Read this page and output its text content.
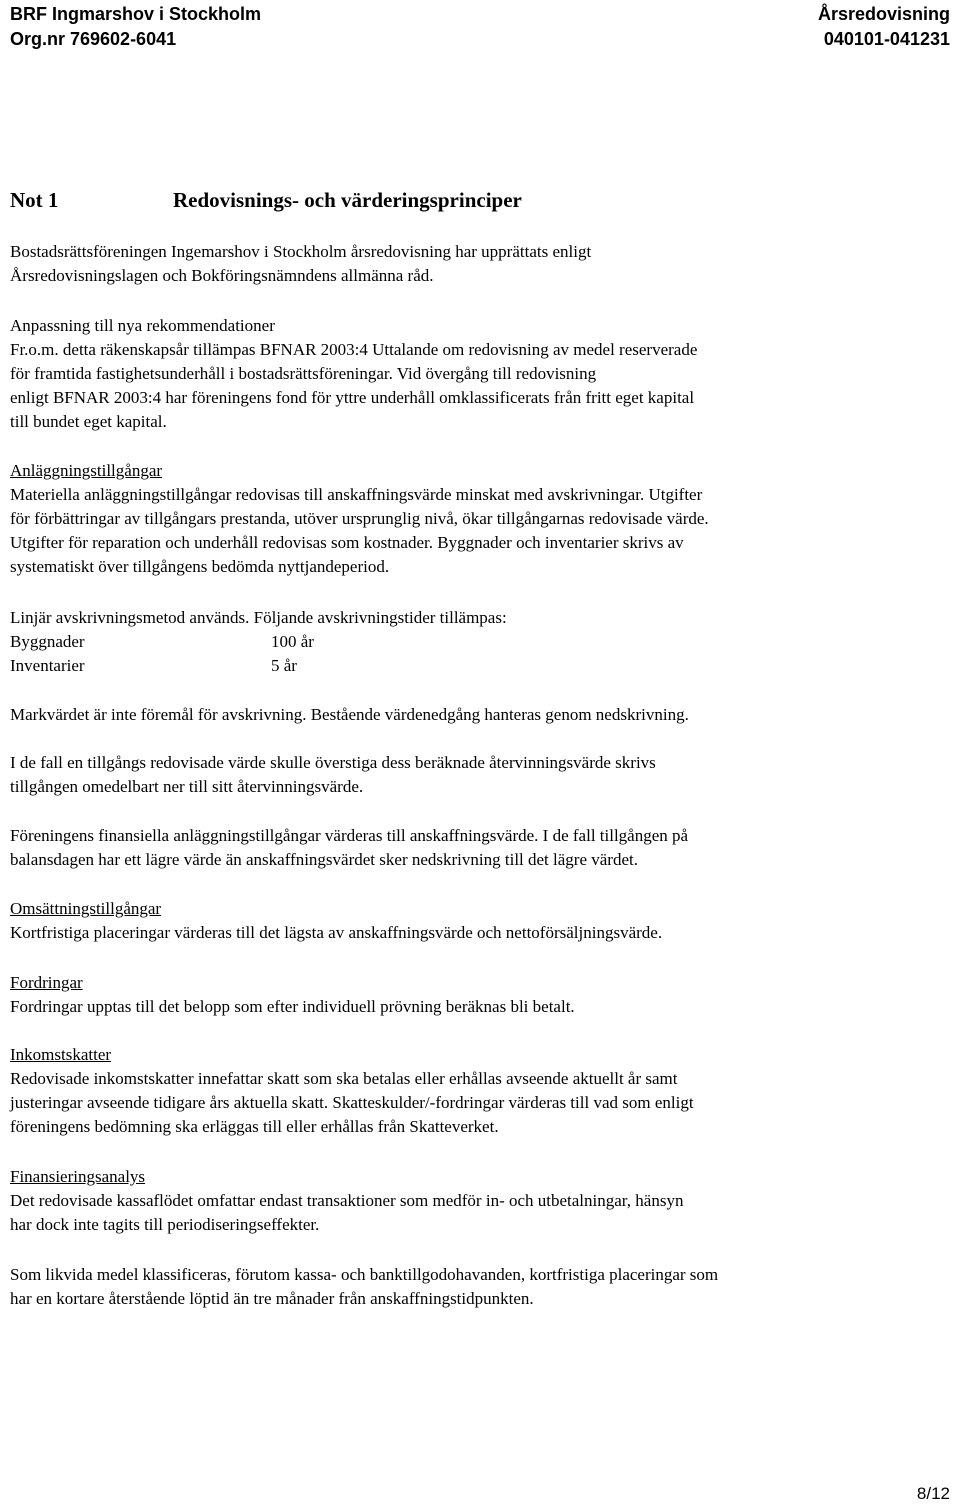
BRF Ingmarshov i Stockholm
Org.nr 769602-6041
Årsredovisning
040101-041231
Not 1	Redovisnings- och värderingsprinciper
Bostadsrättsföreningen Ingemarshov i Stockholm årsredovisning har upprättats enligt
Årsredovisningslagen och Bokföringsnämndens allmänna råd.
Anpassning till nya rekommendationer
Fr.o.m. detta räkenskapsår tillämpas BFNAR 2003:4 Uttalande om redovisning av medel reserverade
för framtida fastighetsunderhåll i bostadsrättsföreningar. Vid övergång till redovisning
enligt BFNAR 2003:4 har föreningens fond för yttre underhåll omklassificerats från fritt eget kapital
till bundet eget kapital.
Anläggningstillgångar
Materiella anläggningstillgångar redovisas till anskaffningsvärde minskat med avskrivningar. Utgifter
för förbättringar av tillgångars prestanda, utöver ursprunglig nivå, ökar tillgångarnas redovisade värde.
Utgifter för reparation och underhåll redovisas som kostnader. Byggnader och inventarier skrivs av
systematiskt över tillgångens bedömda nyttjandeperiod.
Linjär avskrivningsmetod används. Följande avskrivningstider tillämpas:
Byggnader	100 år
Inventarier	5 år
Markvärdet är inte föremål för avskrivning. Bestående värdenedgång hanteras genom nedskrivning.
I de fall en tillgångs redovisade värde skulle överstiga dess beräknade återvinningsvärde skrivs
tillgången omedelbart ner till sitt återvinningsvärde.
Föreningens finansiella anläggningstillgångar värderas till anskaffningsvärde. I de fall tillgången på
balansdagen har ett lägre värde än anskaffningsvärdet sker nedskrivning till det lägre värdet.
Omsättningstillgångar
Kortfristiga placeringar värderas till det lägsta av anskaffningsvärde och nettoförsäljningsvärde.
Fordringar
Fordringar upptas till det belopp som efter individuell prövning beräknas bli betalt.
Inkomstskatter
Redovisade inkomstskatter innefattar skatt som ska betalas eller erhållas avseende aktuellt år samt
justeringar avseende tidigare års aktuella skatt. Skatteskulder/-fordringar värderas till vad som enligt
föreningens bedömning ska erläggas till eller erhållas från Skatteverket.
Finansieringsanalys
Det redovisade kassaflödet omfattar endast transaktioner som medför in- och utbetalningar, hänsyn
har dock inte tagits till periodiseringseffekter.
Som likvida medel klassificeras, förutom kassa- och banktillgodohavanden, kortfristiga placeringar som
har en kortare återstående löptid än tre månader från anskaffningstidpunkten.
8/12
